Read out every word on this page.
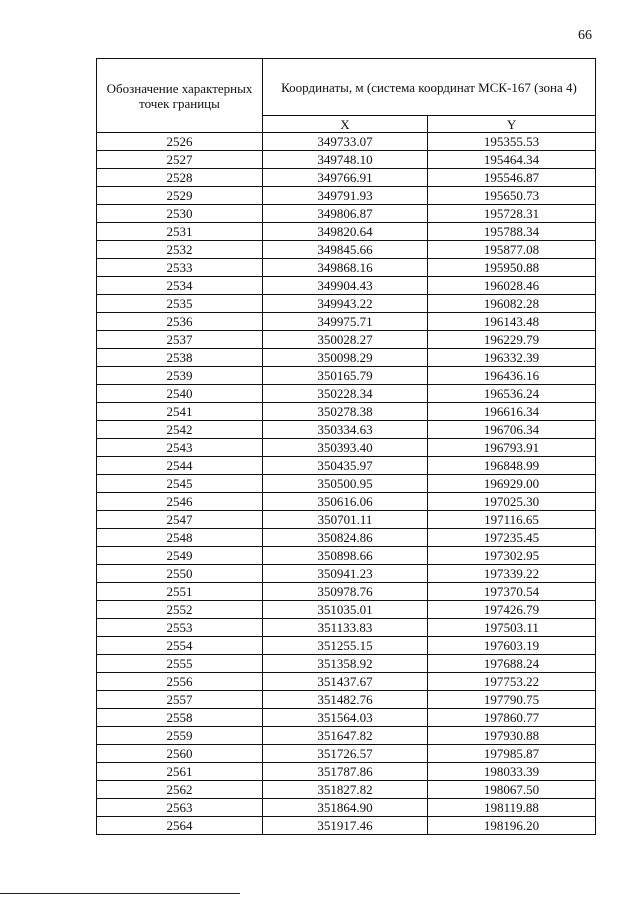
66
Обозначение характерных точек границы	Координаты, м (система координат МСК-167 (зона 4)	
	X	Y
2526	349733.07	195355.53
2527	349748.10	195464.34
2528	349766.91	195546.87
2529	349791.93	195650.73
2530	349806.87	195728.31
2531	349820.64	195788.34
2532	349845.66	195877.08
2533	349868.16	195950.88
2534	349904.43	196028.46
2535	349943.22	196082.28
2536	349975.71	196143.48
2537	350028.27	196229.79
2538	350098.29	196332.39
2539	350165.79	196436.16
2540	350228.34	196536.24
2541	350278.38	196616.34
2542	350334.63	196706.34
2543	350393.40	196793.91
2544	350435.97	196848.99
2545	350500.95	196929.00
2546	350616.06	197025.30
2547	350701.11	197116.65
2548	350824.86	197235.45
2549	350898.66	197302.95
2550	350941.23	197339.22
2551	350978.76	197370.54
2552	351035.01	197426.79
2553	351133.83	197503.11
2554	351255.15	197603.19
2555	351358.92	197688.24
2556	351437.67	197753.22
2557	351482.76	197790.75
2558	351564.03	197860.77
2559	351647.82	197930.88
2560	351726.57	197985.87
2561	351787.86	198033.39
2562	351827.82	198067.50
2563	351864.90	198119.88
2564	351917.46	198196.20
